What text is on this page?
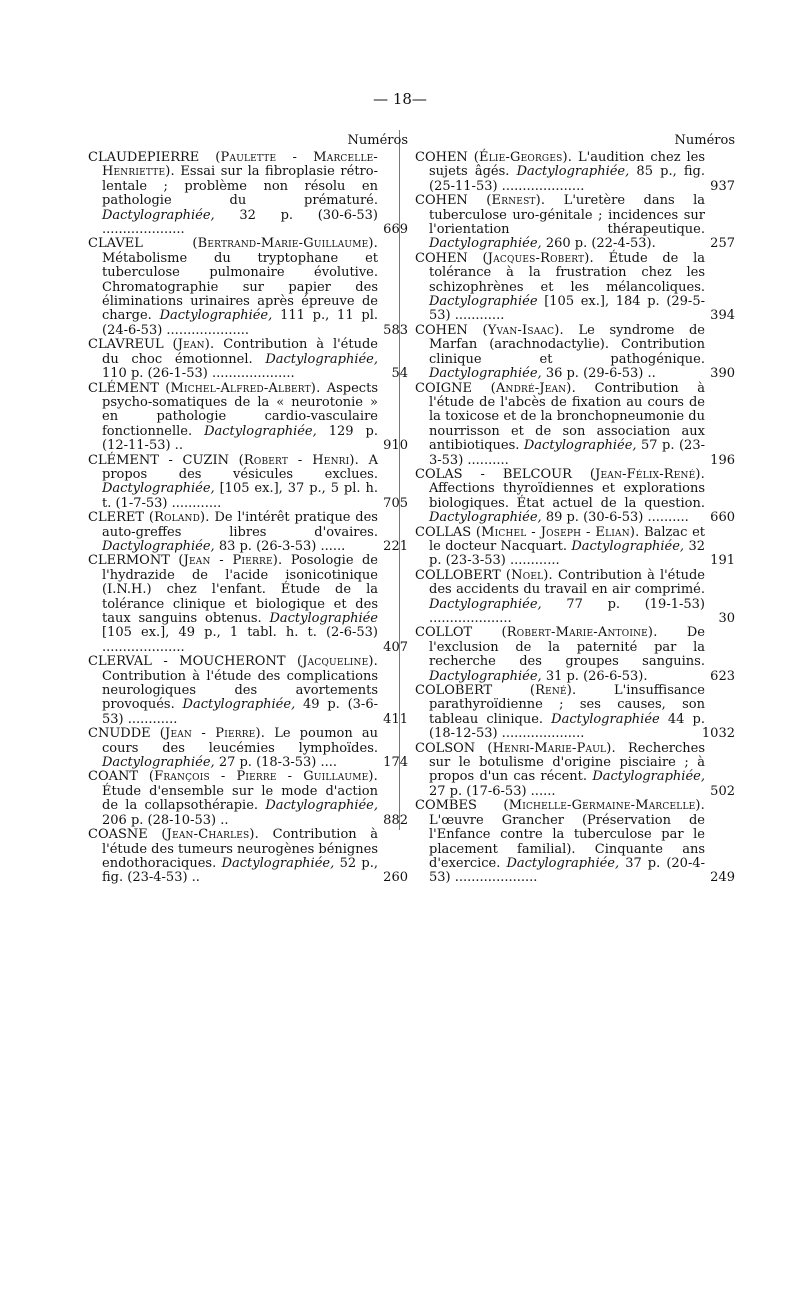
— 18—
Numéros
CLAUDEPIERRE (Paulette - Marcelle-Henriette). Essai sur la fibroplasie rétro-lentale ; problème non résolu en pathologie du prématuré. Dactylographiée, 32 p. (30-6-53) ....................	669
CLAVEL	(Bertrand-Marie-Guillaume). Métabolisme du tryptophane et tuberculose pulmonaire évolutive. Chromatographie sur papier des éliminations urinaires après épreuve de charge. Dactylographiée, 111 p., 11 pl. (24-6-53) ....................	583
CLAVREUL (Jean). Contribution à l'étude du choc émotionnel. Dactylographiée, 110 p. (26-1-53) ....................	54
CLÉMENT (Michel-Alfred-Albert). Aspects psycho-somatiques de la « neurotonie » en pathologie cardio-vasculaire fonctionnelle. Dactylographiée, 129 p. (12-11-53) ..	910
CLÉMENT - CUZIN (Robert - Henri). A propos des vésicules exclues. Dactylographiée, [105 ex.], 37 p., 5 pl. h. t. (1-7-53) ............	705
CLERET (Roland). De l'intérêt pratique des auto-greffes libres d'ovaires. Dactylographiée, 83 p. (26-3-53) ......	221
CLERMONT (Jean - Pierre). Posologie de l'hydrazide de l'acide isonicotinique (I.N.H.) chez l'enfant. Étude de la tolérance clinique et biologique et des taux sanguins obtenus. Dactylographiée [105 ex.], 49 p., 1 tabl. h. t. (2-6-53) ....................	407
CLERVAL - MOUCHERONT (Jacqueline). Contribution à l'étude des complications neurologiques des avortements provoqués. Dactylographiée, 49 p. (3-6-53) ............	411
CNUDDE (Jean - Pierre). Le poumon au cours des leucémies lymphoïdes. Dactylographiée, 27 p. (18-3-53) ....	174
COANT (François - Pierre - Guillaume). Étude d'ensemble sur le mode d'action de la collapsothérapie. Dactylographiée, 206 p. (28-10-53) ..	882
COASNE (Jean-Charles). Contribution à l'étude des tumeurs neurogènes bénignes endothoraciques. Dactylographiée, 52 p., fig. (23-4-53) ..	260
Numéros
COHEN (Élie-Georges). L'audition chez les sujets âgés. Dactylographiée, 85 p., fig. (25-11-53) ....................	937
COHEN (Ernest). L'uretère dans la tuberculose uro-génitale ; incidences sur l'orientation thérapeutique. Dactylographiée, 260 p. (22-4-53).	257
COHEN (Jacques-Robert). Étude de la tolérance à la frustration chez les schizophrènes et les mélancoliques. Dactylographiée [105 ex.], 184 p. (29-5-53) ............	394
COHEN (Yvan-Isaac). Le syndrome de Marfan (arachnodactylie). Contribution clinique et pathogénique. Dactylographiée, 36 p. (29-6-53) ..	390
COIGNE (André-Jean). Contribution à l'étude de l'abcès de fixation au cours de la toxicose et de la bronchopneumonie du nourrisson et de son association aux antibiotiques. Dactylographiée, 57 p. (23-3-53) ..........	196
COLAS - BELCOUR (Jean-Félix-René). Affections thyroïdiennes et explorations biologiques. État actuel de la question. Dactylographiée, 89 p. (30-6-53) .......... 660
COLLAS (Michel - Joseph - Elian). Balzac et le docteur Nacquart. Dactylographiée, 32 p. (23-3-53) ............	191
COLLOBERT (Noel). Contribution à l'étude des accidents du travail en air comprimé. Dactylographiée, 77 p. (19-1-53) ....................	30
COLLOT (Robert-Marie-Antoine). De l'exclusion de la paternité par la recherche des groupes sanguins. Dactylographiée, 31 p. (26-6-53).	623
COLOBERT	(René).	L'insuffisance parathyroïdienne ; ses causes, son tableau clinique. Dactylographiée 44 p. (18-12-53) ....................	1032
COLSON (Henri-Marie-Paul). Recherches sur le botulisme d'origine pisciaire ; à propos d'un cas récent. Dactylographiée, 27 p. (17-6-53) ......	502
COMBES (Michelle-Germaine-Marcelle). L'œuvre Grancher (Préservation de l'Enfance contre la tuberculose par le placement familial). Cinquante ans d'exercice. Dactylographiée, 37 p. (20-4-53) ....................	249
